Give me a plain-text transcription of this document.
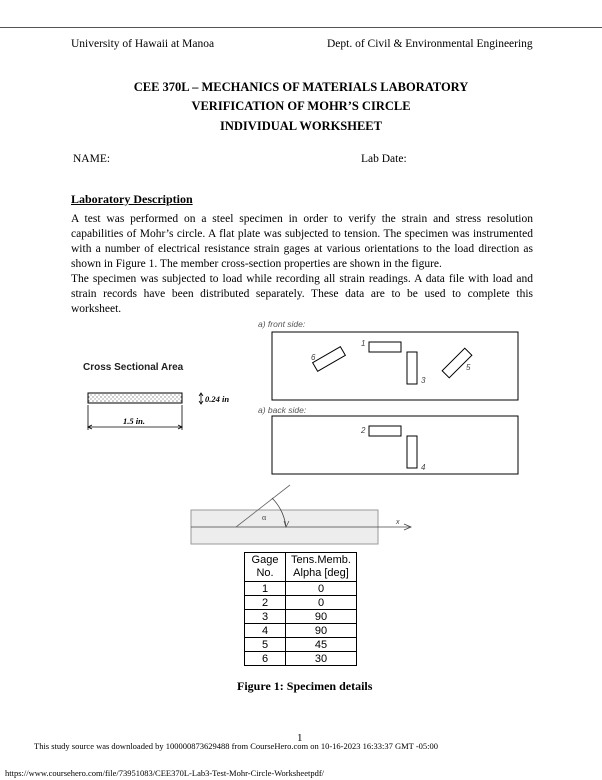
University of Hawaii at Manoa	Dept. of Civil & Environmental Engineering
CEE 370L – MECHANICS OF MATERIALS LABORATORY
VERIFICATION OF MOHR’S CIRCLE
INDIVIDUAL WORKSHEET
NAME:	Lab Date:
Laboratory Description
A test was performed on a steel specimen in order to verify the strain and stress resolution capabilities of Mohr’s circle. A flat plate was subjected to tension. The specimen was instrumented with a number of electrical resistance strain gages at various orientations to the load direction as shown in Figure 1. The member cross-section properties are shown in the figure.
The specimen was subjected to load while recording all strain readings. A data file with load and strain records have been distributed separately. These data are to be used to complete this worksheet.
Cross Sectional Area
0.24 in
1.5 in.
a) front side:
1
3
6
5
a) back side:
2
4
x
α
Gage No.	Tens.Memb. Alpha [deg]
1	0
2	0
3	90
4	90
5	45
6	30
Figure 1: Specimen details
1
This study source was downloaded by 100000873629488 from CourseHero.com on 10-16-2023 16:33:37 GMT -05:00
https://www.coursehero.com/file/73951083/CEE370L-Lab3-Test-Mohr-Circle-Worksheetpdf/
